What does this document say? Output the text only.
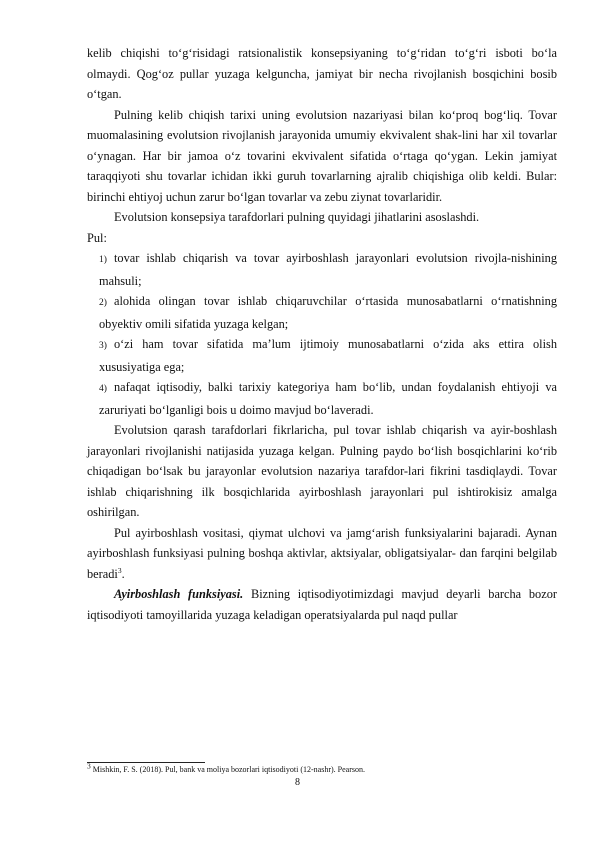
kelib chiqishi to‘g‘risidagi ratsionalistik konsepsiyaning to‘g‘ridan to‘g‘ri isboti bo‘la olmaydi. Qog‘oz pullar yuzaga kelguncha, jamiyat bir necha rivojlanish bosqichini bosib o‘tgan.

Pulning kelib chiqish tarixi uning evolutsion nazariyasi bilan ko‘proq bog‘liq. Tovar muomalasining evolutsion rivojlanish jarayonida umumiy ekvivalent shak-lini har xil tovarlar o‘ynagan. Har bir jamoa o‘z tovarini ekvivalent sifatida o‘rtaga qo‘ygan. Lekin jamiyat taraqqiyoti shu tovarlar ichidan ikki guruh tovarlarning ajralib chiqishiga olib keldi. Bular: birinchi ehtiyoj uchun zarur bo‘lgan tovarlar va zebu ziynat tovarlaridir.

Evolutsion konsepsiya tarafdorlari pulning quyidagi jihatlarini asoslashdi.

Pul:

1) tovar ishlab chiqarish va tovar ayirboshlash jarayonlari evolutsion rivojla-nishining mahsuli;

2) alohida olingan tovar ishlab chiqaruvchilar o‘rtasida munosabatlarni o‘rnatishning obyektiv omili sifatida yuzaga kelgan;

3) o‘zi ham tovar sifatida ma’lum ijtimoiy munosabatlarni o‘zida aks ettira olish xususiyatiga ega;

4) nafaqat iqtisodiy, balki tarixiy kategoriya ham bo‘lib, undan foydalanish ehtiyoji va zaruriyati bo‘lganligi bois u doimo mavjud bo‘laveradi.

Evolutsion qarash tarafdorlari fikrlaricha, pul tovar ishlab chiqarish va ayir-boshlash jarayonlari rivojlanishi natijasida yuzaga kelgan. Pulning paydo bo‘lish bosqichlarini ko‘rib chiqadigan bo‘lsak bu jarayonlar evolutsion nazariya tarafdor-lari fikrini tasdiqlaydi. Tovar ishlab chiqarishning ilk bosqichlarida ayirboshlash jarayonlari pul ishtirokisiz amalga oshirilgan.

Pul ayirboshlash vositasi, qiymat ulchovi va jamg‘arish funksiyalarini bajaradi. Aynan ayirboshlash funksiyasi pulning boshqa aktivlar, aktsiyalar, obligatsiyalar- dan farqini belgilab beradi$^3$.

Ayirboshlash funksiyasi. Bizning iqtisodiyotimizdagi mavjud deyarli barcha bozor iqtisodiyoti tamoyillarida yuzaga keladigan operatsiyalarda pul naqd pullar

$^3$ Mishkin, F. S. (2018). Pul, bank va moliya bozorlari iqtisodiyoti (12-nashr). Pearson.
8
